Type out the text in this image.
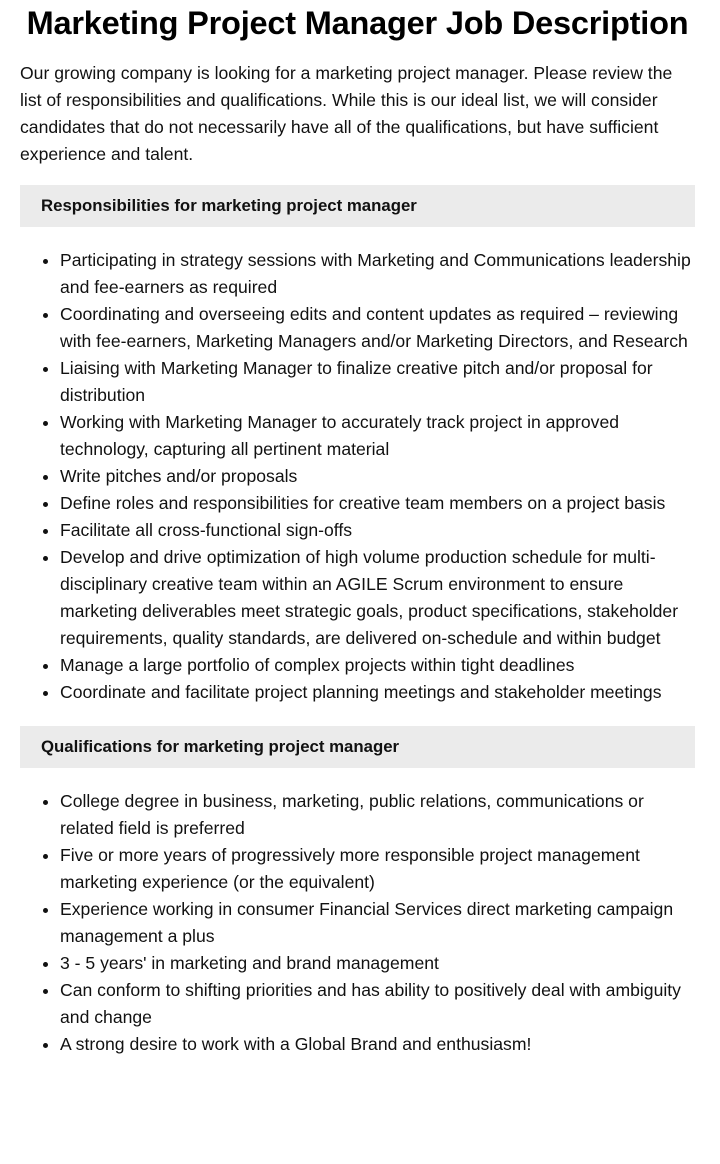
Marketing Project Manager Job Description

Our growing company is looking for a marketing project manager. Please review the list of responsibilities and qualifications. While this is our ideal list, we will consider candidates that do not necessarily have all of the qualifications, but have sufficient experience and talent.

Responsibilities for marketing project manager
• Participating in strategy sessions with Marketing and Communications leadership and fee-earners as required
• Coordinating and overseeing edits and content updates as required – reviewing with fee-earners, Marketing Managers and/or Marketing Directors, and Research
• Liaising with Marketing Manager to finalize creative pitch and/or proposal for distribution
• Working with Marketing Manager to accurately track project in approved technology, capturing all pertinent material
• Write pitches and/or proposals
• Define roles and responsibilities for creative team members on a project basis
• Facilitate all cross-functional sign-offs
• Develop and drive optimization of high volume production schedule for multi-disciplinary creative team within an AGILE Scrum environment to ensure marketing deliverables meet strategic goals, product specifications, stakeholder requirements, quality standards, are delivered on-schedule and within budget
• Manage a large portfolio of complex projects within tight deadlines
• Coordinate and facilitate project planning meetings and stakeholder meetings
Qualifications for marketing project manager
• College degree in business, marketing, public relations, communications or related field is preferred
• Five or more years of progressively more responsible project management marketing experience (or the equivalent)
• Experience working in consumer Financial Services direct marketing campaign management a plus
• 3 - 5 years' in marketing and brand management
• Can conform to shifting priorities and has ability to positively deal with ambiguity and change
• A strong desire to work with a Global Brand and enthusiasm!
